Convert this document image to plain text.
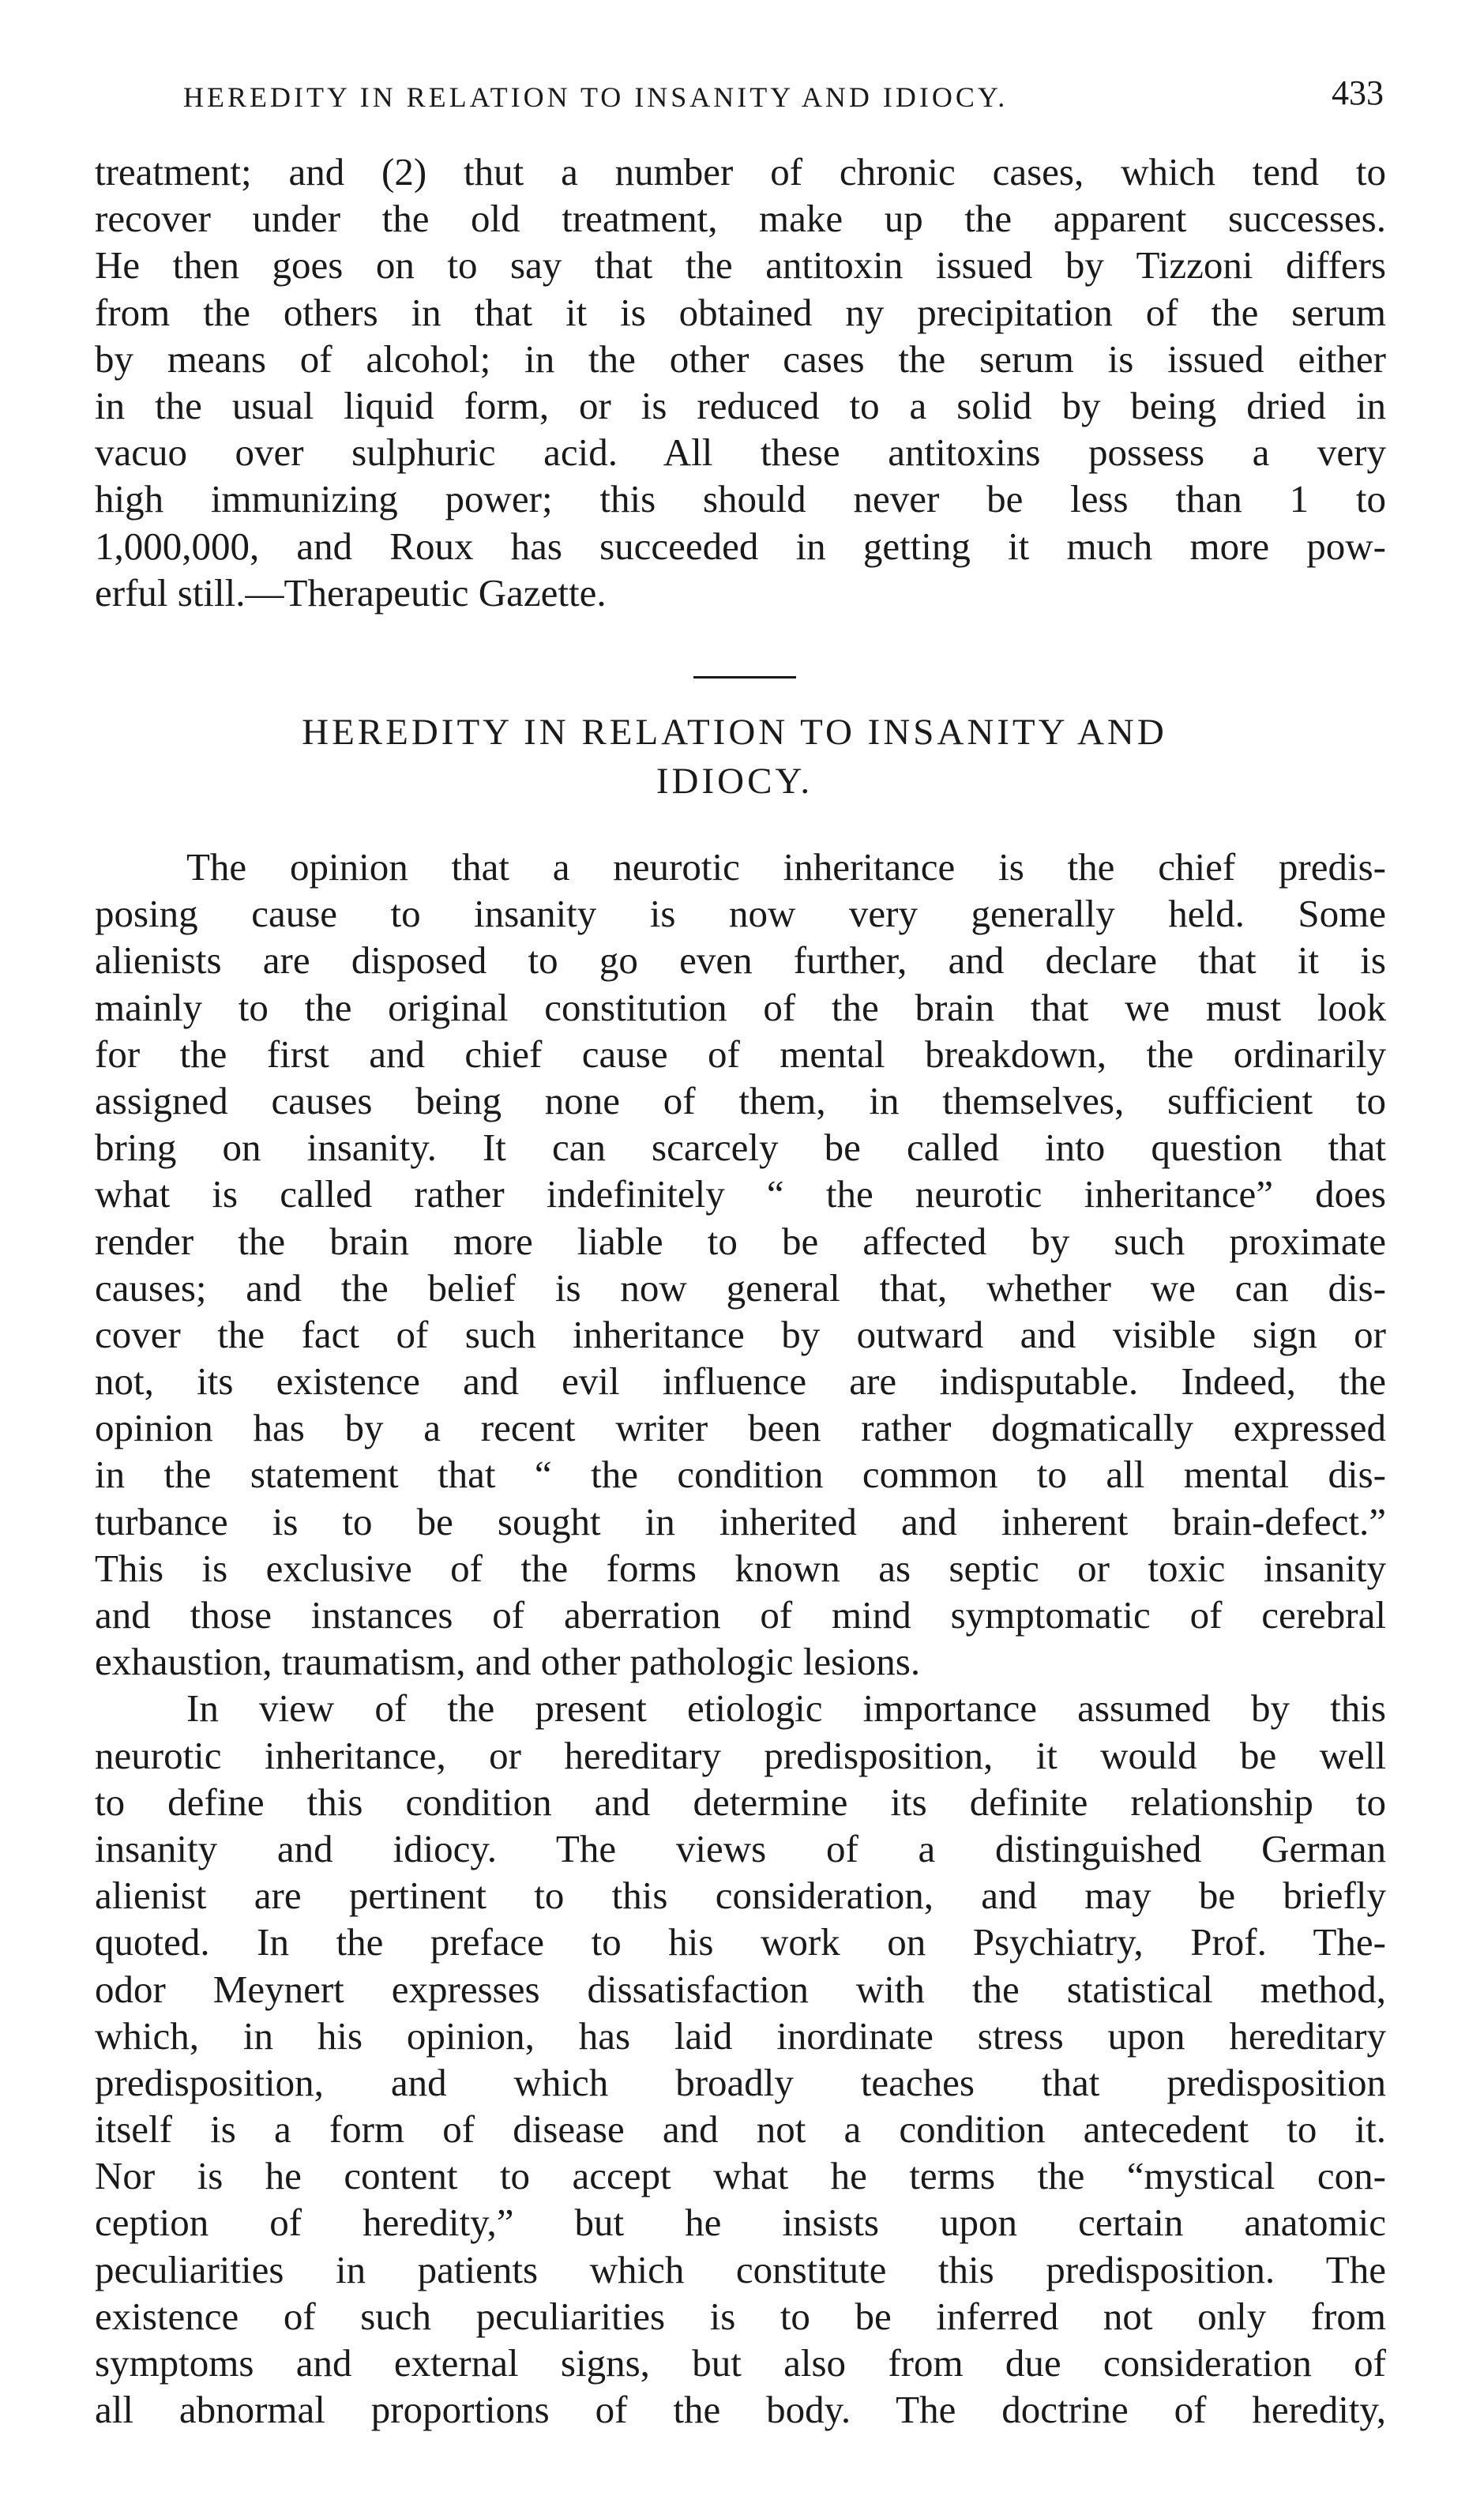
HEREDITY IN RELATION TO INSANITY AND IDIOCY.	433
treatment; and (2) thut a number of chronic cases, which tend to
recover under the old treatment, make up the apparent successes.
He then goes on to say that the antitoxin issued by Tizzoni differs
from the others in that it is obtained ny precipitation of the serum
by means of alcohol; in the other cases the serum is issued either
in the usual liquid form, or is reduced to a solid by being dried in
vacuo over sulphuric acid. All these antitoxins possess a very
high immunizing power; this should never be less than 1 to
1,000,000, and Roux has succeeded in getting it much more pow-
erful still.—Therapeutic Gazette.
HEREDITY IN RELATION TO INSANITY AND
IDIOCY.
The opinion that a neurotic inheritance is the chief predis-
posing cause to insanity is now very generally held. Some
alienists are disposed to go even further, and declare that it is
mainly to the original constitution of the brain that we must look
for the first and chief cause of mental breakdown, the ordinarily
assigned causes being none of them, in themselves, sufficient to
bring on insanity. It can scarcely be called into question that
what is called rather indefinitely “ the neurotic inheritance” does
render the brain more liable to be affected by such proximate
causes; and the belief is now general that, whether we can dis-
cover the fact of such inheritance by outward and visible sign or
not, its existence and evil influence are indisputable. Indeed, the
opinion has by a recent writer been rather dogmatically expressed
in the statement that “ the condition common to all mental dis-
turbance is to be sought in inherited and inherent brain-defect.”
This is exclusive of the forms known as septic or toxic insanity
and those instances of aberration of mind symptomatic of cerebral
exhaustion, traumatism, and other pathologic lesions.
In view of the present etiologic importance assumed by this
neurotic inheritance, or hereditary predisposition, it would be well
to define this condition and determine its definite relationship to
insanity and idiocy. The views of a distinguished German
alienist are pertinent to this consideration, and may be briefly
quoted. In the preface to his work on Psychiatry, Prof. The-
odor Meynert expresses dissatisfaction with the statistical method,
which, in his opinion, has laid inordinate stress upon hereditary
predisposition, and which broadly teaches that predisposition
itself is a form of disease and not a condition antecedent to it.
Nor is he content to accept what he terms the “mystical con-
ception of heredity,” but he insists upon certain anatomic
peculiarities in patients which constitute this predisposition. The
existence of such peculiarities is to be inferred not only from
symptoms and external signs, but also from due consideration of
all abnormal proportions of the body. The doctrine of heredity,
